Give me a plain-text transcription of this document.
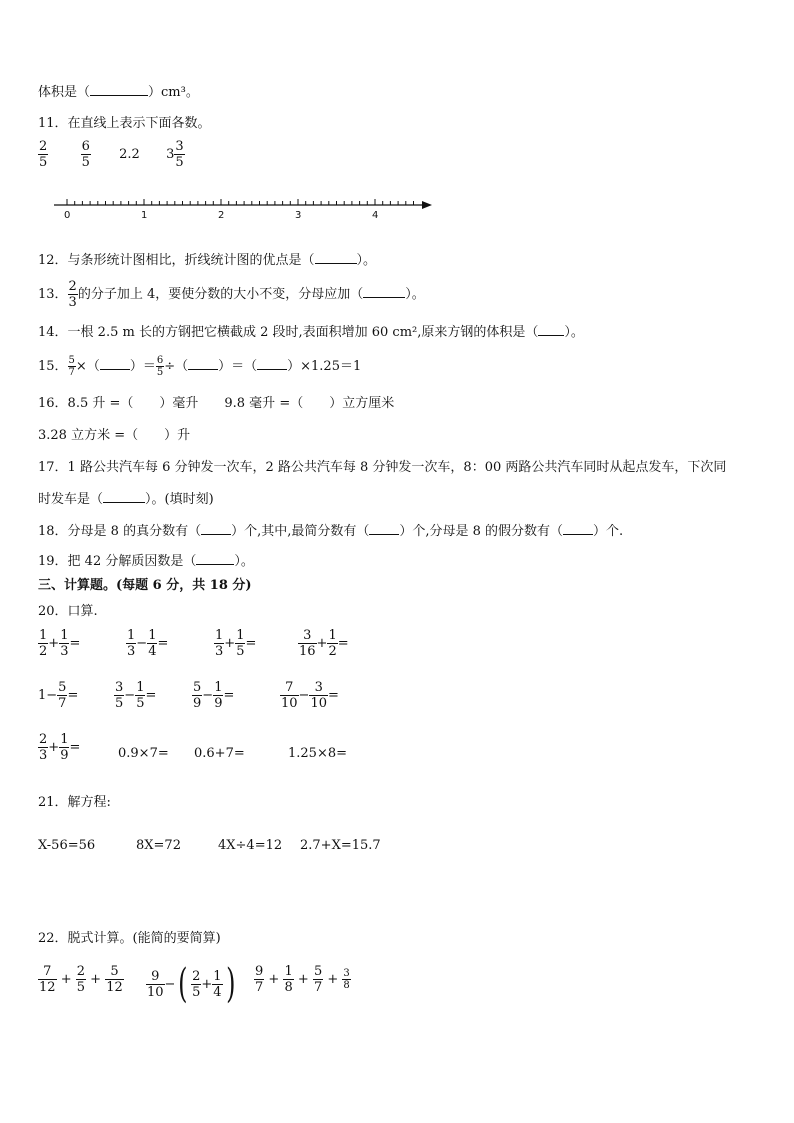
体积是（	）cm³。
11．在直线上表示下面各数。
$\frac{2}{5}$
$\frac{6}{5} 2.2$ $3 \frac{3}{5}$
0	1	2	3	4
12．与条形统计图相比，折线统计图的优点是（	）。
13． $\frac{2}{3}$ 的分子加上 4，要使分数的大小不变，分母应加（	）。
14．一根 2.5 m 长的方钢把它横截成 2 段时,表面积增加 60 cm²,原来方钢的体积是（ ）。
15． $\frac{5}{7}$ ×（ ）＝ $\frac{6}{5}$ ÷（ ）＝（ ）×1.25＝1
16．8.5 升 =（　　）毫升　　9.8 毫升 =（　　）立方厘米
3.28 立方米 =（　　）升
17．1 路公共汽车每 6 分钟发一次车，2 路公共汽车每 8 分钟发一次车，8：00 两路公共汽车同时从起点发车，下次同
时发车是（	）。(填时刻)
18．分母是 8 的真分数有（ ）个,其中,最简分数有（ ）个,分母是 8 的假分数有（ ）个.
19．把 42 分解质因数是（	）。
三、计算题。(每题 6 分，共 18 分)
20．口算.
$\frac{1}{2} + \frac{1}{3}$ =	$\frac{1}{3} - \frac{1}{4}$ =	$\frac{1}{3} + \frac{1}{5}$ =	$\frac{3}{16} + \frac{1}{2}$ =
$1- \frac{5}{7}$ =	$\frac{3}{5} - \frac{1}{5}$ =	$\frac{5}{9} - \frac{1}{9}$ =	$\frac{7}{10} - \frac{3}{10}$ =
$\frac{2}{3} + \frac{1}{9}$ =	0.9×7= 0.6+7=	1.25×8=
21．解方程:
X-56=56	8X=72	4X÷4=12 2.7+X=15.7
22．脱式计算。(能简的要简算)
$\frac{7}{12} + \frac{2}{5} + \frac{5}{12} \frac{9}{10}$ −( $\frac{2}{5} + \frac{1}{4}$ ) $\frac{9}{7} + \frac{1}{8} + \frac{5}{7} + \frac{3}{8}$
